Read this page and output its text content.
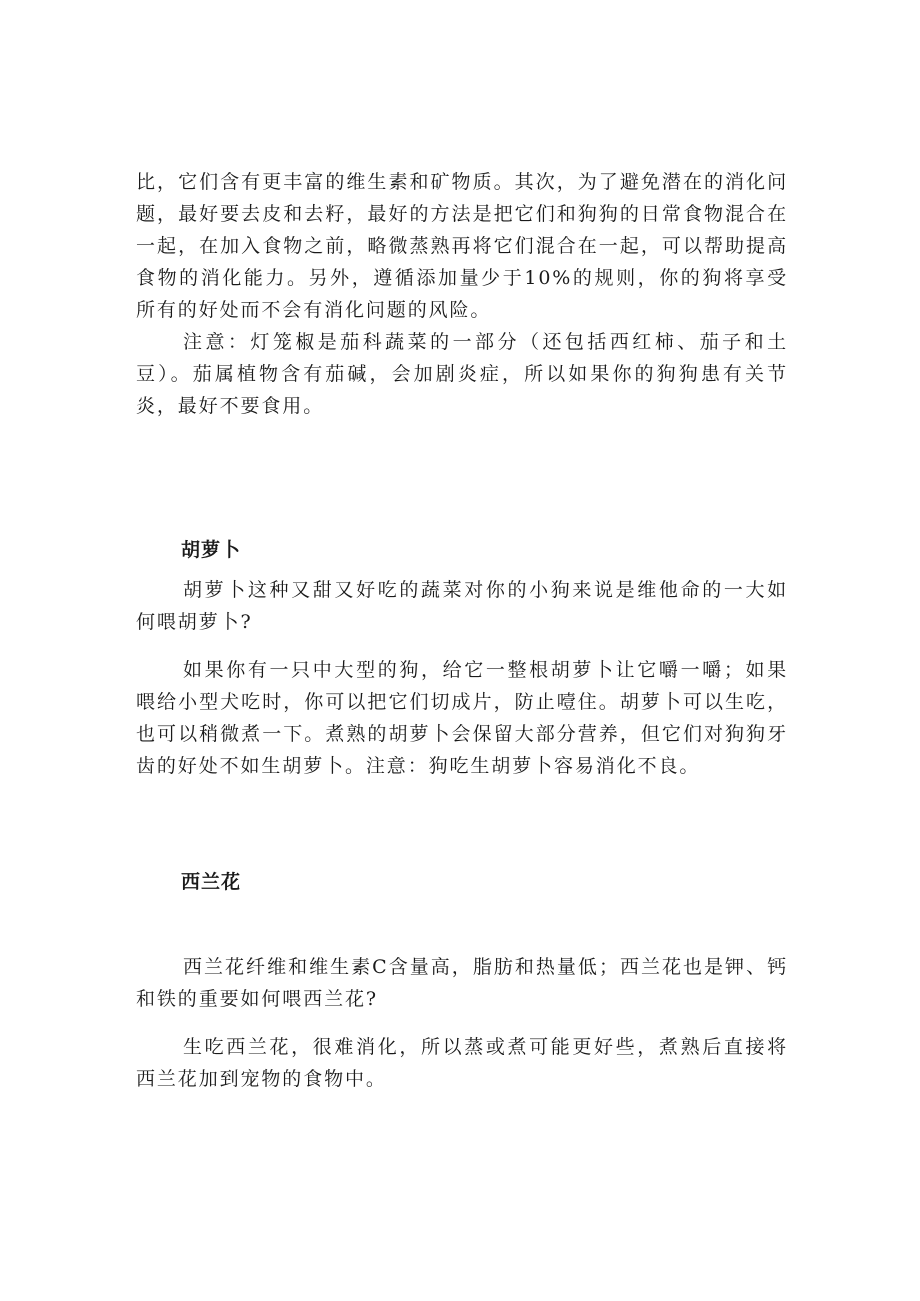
比，它们含有更丰富的维生素和矿物质。其次，为了避免潜在的消化问题，最好要去皮和去籽，最好的方法是把它们和狗狗的日常食物混合在一起，在加入食物之前，略微蒸熟再将它们混合在一起，可以帮助提高食物的消化能力。另外，遵循添加量少于10%的规则，你的狗将享受所有的好处而不会有消化问题的风险。

注意：灯笼椒是茄科蔬菜的一部分（还包括西红柿、茄子和土豆）。茄属植物含有茄碱，会加剧炎症，所以如果你的狗狗患有关节炎，最好不要食用。

胡萝卜

胡萝卜这种又甜又好吃的蔬菜对你的小狗来说是维他命的一大如何喂胡萝卜?

如果你有一只中大型的狗，给它一整根胡萝卜让它嚼一嚼；如果喂给小型犬吃时，你可以把它们切成片，防止噎住。胡萝卜可以生吃，也可以稍微煮一下。煮熟的胡萝卜会保留大部分营养，但它们对狗狗牙齿的好处不如生胡萝卜。注意：狗吃生胡萝卜容易消化不良。

西兰花

西兰花纤维和维生素C含量高，脂肪和热量低；西兰花也是钾、钙和铁的重要如何喂西兰花?

生吃西兰花，很难消化，所以蒸或煮可能更好些，煮熟后直接将西兰花加到宠物的食物中。
